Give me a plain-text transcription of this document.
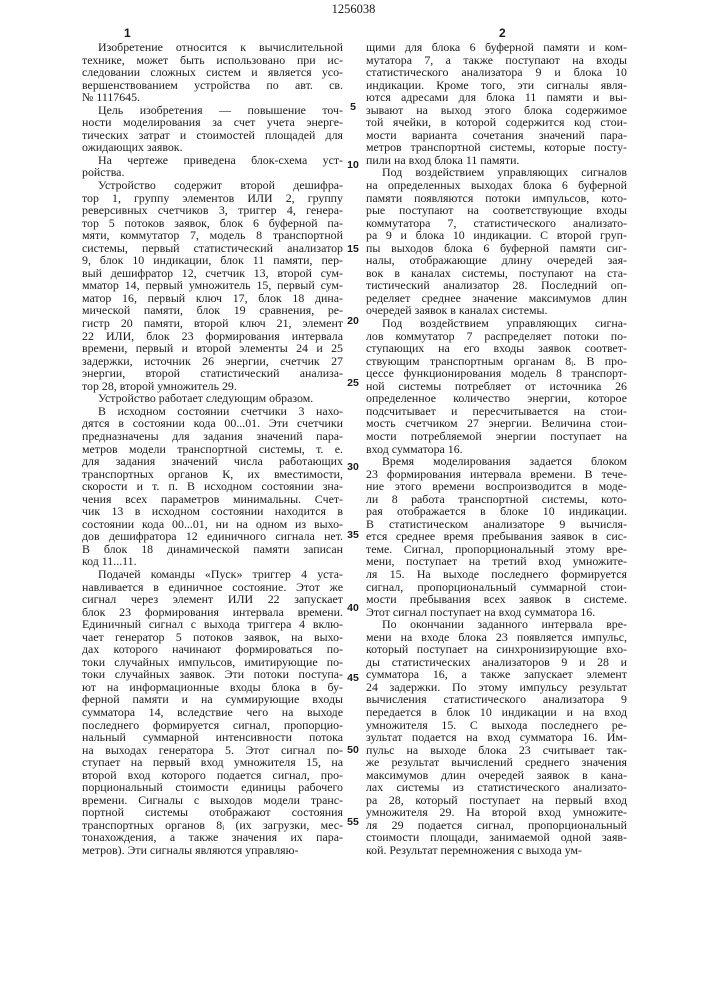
1256038
1	2
Изобретение относится к вычислительной
технике, может быть использовано при ис-
следовании сложных систем и является усо-
вершенствованием устройства по авт. св.
№ 1117645.
Цель изобретения — повышение точ-
ности моделирования за счет учета энерге-
тических затрат и стоимостей площадей для
ожидающих заявок.
На чертеже приведена блок-схема уст-
ройства.
Устройство содержит второй дешифра-
тор 1, группу элементов ИЛИ 2, группу
реверсивных счетчиков 3, триггер 4, генера-
тор 5 потоков заявок, блок 6 буферной па-
мяти, коммутатор 7, модель 8 транспортной
системы, первый статистический анализатор
9, блок 10 индикации, блок 11 памяти, пер-
вый дешифратор 12, счетчик 13, второй сум-
мматор 14, первый умножитель 15, первый сум-
матор 16, первый ключ 17, блок 18 дина-
мической памяти, блок 19 сравнения, ре-
гистр 20 памяти, второй ключ 21, элемент
22 ИЛИ, блок 23 формирования интервала
времени, первый и второй элементы 24 и 25
задержки, источник 26 энергии, счетчик 27
энергии, второй статистический анализа-
тор 28, второй умножитель 29.
Устройство работает следующим образом.
В исходном состоянии счетчики 3 нахо-
дятся в состоянии кода 00...01. Эти счетчики
предназначены для задания значений пара-
метров модели транспортной системы, т. е.
для задания значений числа работающих
транспортных органов К, их вместимости,
скорости и т. п. В исходном состоянии зна-
чения всех параметров минимальны. Счет-
чик 13 в исходном состоянии находится в
состоянии кода 00...01, ни на одном из выхо-
дов дешифратора 12 единичного сигнала нет.
В блок 18 динамической памяти записан
код 11...11.
Подачей команды «Пуск» триггер 4 уста-
навливается в единичное состояние. Этот же
сигнал через элемент ИЛИ 22 запускает
блок 23 формирования интервала времени.
Единичный сигнал с выхода триггера 4 вклю-
чает генератор 5 потоков заявок, на выхо-
дах которого начинают формироваться по-
токи случайных импульсов, имитирующие по-
токи случайных заявок. Эти потоки поступа-
ют на информационные входы блока в бу-
ферной памяти и на суммирующие входы
сумматора 14, вследствие чего на выходе
последнего формируется сигнал, пропорцио-
нальный суммарной интенсивности потока
на выходах генератора 5. Этот сигнал по-
ступает на первый вход умножителя 15, на
второй вход которого подается сигнал, про-
порциональный стоимости единицы рабочего
времени. Сигналы с выходов модели транс-
портной системы отображают состояния
транспортных органов 8ᵢ (их загрузки, мес-
тонахождения, а также значения их пара-
метров). Эти сигналы являются управляю-
5
10
15
20
25
30
35
40
45
50
55
щими для блока 6 буферной памяти и ком-
мутатора 7, а также поступают на входы
статистического анализатора 9 и блока 10
индикации. Кроме того, эти сигналы явля-
ются адресами для блока 11 памяти и вы-
зывают на выход этого блока содержимое
той ячейки, в которой содержится код стои-
мости варианта сочетания значений пара-
метров транспортной системы, которые посту-
пили на вход блока 11 памяти.
Под воздействием управляющих сигналов
на определенных выходах блока 6 буферной
памяти появляются потоки импульсов, кото-
рые поступают на соответствующие входы
коммутатора 7, статистического анализато-
ра 9 и блока 10 индикации. С второй груп-
пы выходов блока 6 буферной памяти сиг-
налы, отображающие длину очередей зая-
вок в каналах системы, поступают на ста-
тистический анализатор 28. Последний оп-
ределяет среднее значение максимумов длин
очередей заявок в каналах системы.
Под воздействием управляющих сигна-
лов коммутатор 7 распределяет потоки по-
ступающих на его входы заявок соответ-
ствующим транспортным органам 8ᵢ. В про-
цессе функционирования модель 8 транспорт-
ной системы потребляет от источника 26
определенное количество энергии, которое
подсчитывает и пересчитывается на стои-
мость счетчиком 27 энергии. Величина стои-
мости потребляемой энергии поступает на
вход сумматора 16.
Время моделирования задается блоком
23 формирования интервала времени. В тече-
ние этого времени воспроизводится в моде-
ли 8 работа транспортной системы, кото-
рая отображается в блоке 10 индикации.
В статистическом анализаторе 9 вычисля-
ется среднее время пребывания заявок в сис-
теме. Сигнал, пропорциональный этому вре-
мени, поступает на третий вход умножите-
ля 15. На выходе последнего формируется
сигнал, пропорциональный суммарной стои-
мости пребывания всех заявок в системе.
Этот сигнал поступает на вход сумматора 16.
По окончании заданного интервала вре-
мени на входе блока 23 появляется импульс,
который поступает на синхронизирующие вхо-
ды статистических анализаторов 9 и 28 и
сумматора 16, а также запускает элемент
24 задержки. По этому импульсу результат
вычисления статистического анализатора 9
передается в блок 10 индикации и на вход
умножителя 15. С выхода последнего ре-
зультат подается на вход сумматора 16. Им-
пульс на выходе блока 23 считывает так-
же результат вычислений среднего значения
максимумов длин очередей заявок в кана-
лах системы из статистического анализато-
ра 28, который поступает на первый вход
умножителя 29. На второй вход умножите-
ля 29 подается сигнал, пропорциональный
стоимости площади, занимаемой одной заяв-
кой. Результат перемножения с выхода ум-
